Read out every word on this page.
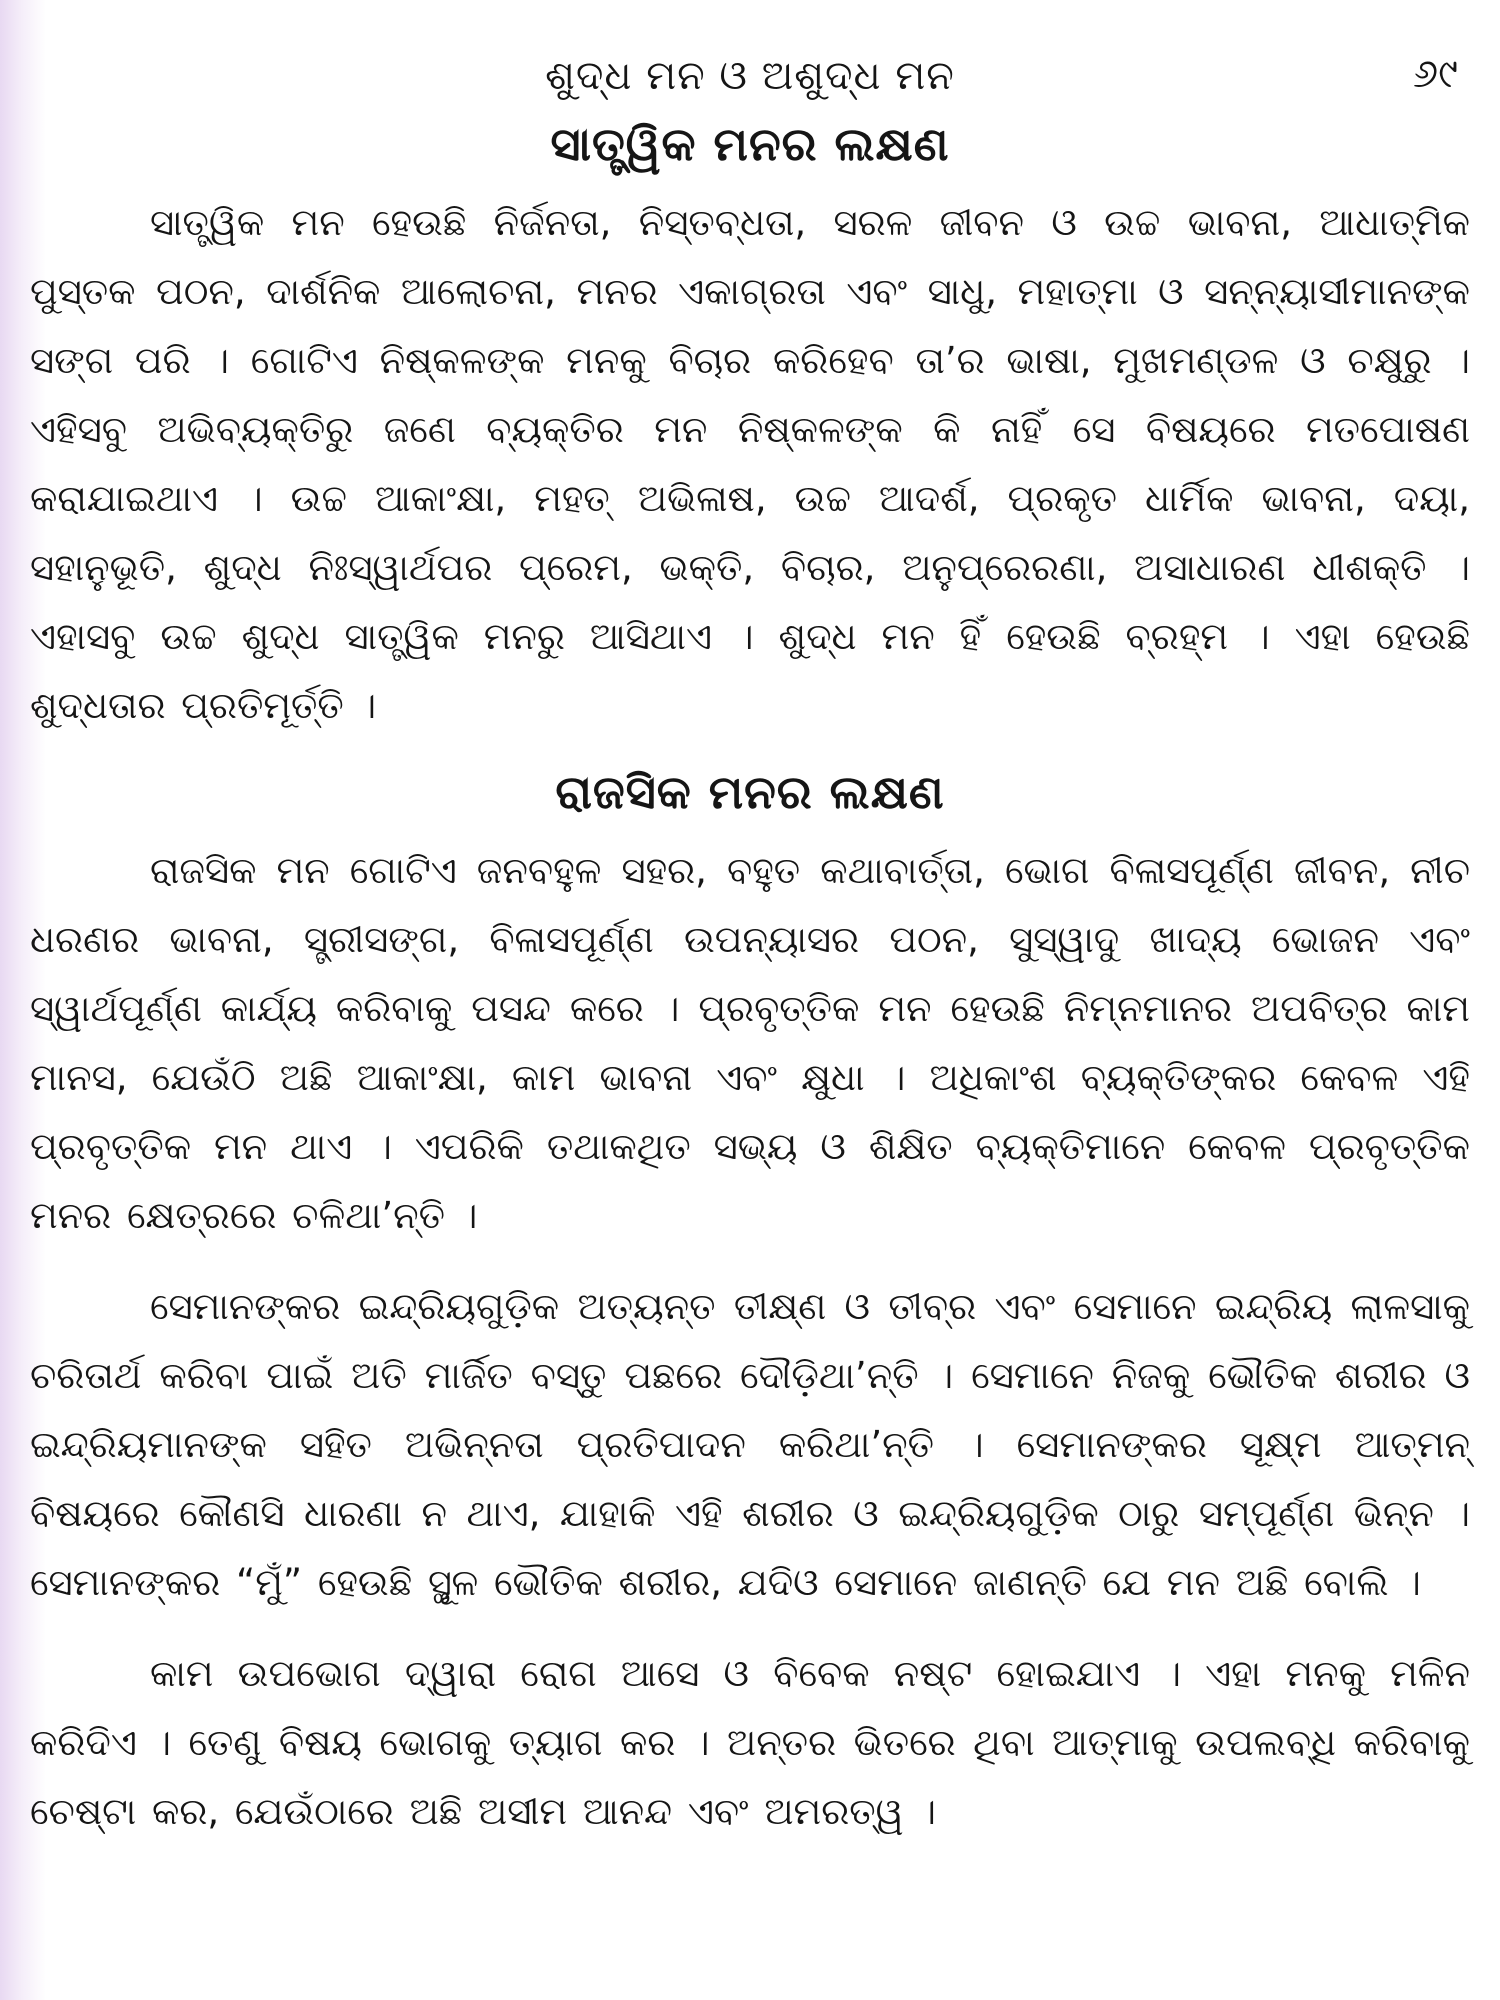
ଶୁଦ୍ଧ ମନ ଓ ଅଶୁଦ୍ଧ ମନ	୬୯
ସାତ୍ତ୍ୱିକ ମନର ଲକ୍ଷଣ

ସାତ୍ତ୍ୱିକ ମନ ହେଉଛି ନିର୍ଜନତା, ନିସ୍ତବ୍ଧତା, ସରଳ ଜୀବନ ଓ ଉଚ୍ଚ ଭାବନା, ଆଧାତ୍ମିକ ପୁସ୍ତକ ପଠନ, ଦାର୍ଶନିକ ଆଲୋଚନା, ମନର ଏକାଗ୍ରତା ଏବଂ ସାଧୁ, ମହାତ୍ମା ଓ ସନ୍ନ୍ୟାସୀମାନଙ୍କ ସଙ୍ଗ ପରି । ଗୋଟିଏ ନିଷ୍କଳଙ୍କ ମନକୁ ବିଚାର କରିହେବ ତା’ର ଭାଷା, ମୁଖମଣ୍ଡଳ ଓ ଚକ୍ଷୁରୁ । ଏହିସବୁ ଅଭିବ୍ୟକ୍ତିରୁ ଜଣେ ବ୍ୟକ୍ତିର ମନ ନିଷ୍କଳଙ୍କ କି ନାହିଁ ସେ ବିଷୟରେ ମତପୋଷଣ କରାଯାଇଥାଏ । ଉଚ୍ଚ ଆକାଂକ୍ଷା, ମହତ୍ ଅଭିଳାଷ, ଉଚ୍ଚ ଆଦର୍ଶ, ପ୍ରକୃତ ଧାର୍ମିକ ଭାବନା, ଦୟା, ସହାନୁଭୂତି, ଶୁଦ୍ଧ ନିଃସ୍ୱାର୍ଥପର ପ୍ରେମ, ଭକ୍ତି, ବିଚାର, ଅନୁପ୍ରେରଣା, ଅସାଧାରଣ ଧୀଶକ୍ତି । ଏହାସବୁ ଉଚ୍ଚ ଶୁଦ୍ଧ ସାତ୍ତ୍ୱିକ ମନରୁ ଆସିଥାଏ । ଶୁଦ୍ଧ ମନ ହିଁ ହେଉଛି ବ୍ରହ୍ମ । ଏହା ହେଉଛି ଶୁଦ୍ଧତାର ପ୍ରତିମୂର୍ତ୍ତି ।

ରାଜସିକ ମନର ଲକ୍ଷଣ

ରାଜସିକ ମନ ଗୋଟିଏ ଜନବହୁଳ ସହର, ବହୁତ କଥାବାର୍ତ୍ତା, ଭୋଗ ବିଳାସପୂର୍ଣ୍ଣ ଜୀବନ, ନୀଚ ଧରଣର ଭାବନା, ସ୍ତ୍ରୀସଙ୍ଗ, ବିଳାସପୂର୍ଣ୍ଣ ଉପନ୍ୟାସର ପଠନ, ସୁସ୍ୱାଦୁ ଖାଦ୍ୟ ଭୋଜନ ଏବଂ ସ୍ୱାର୍ଥପୂର୍ଣ୍ଣ କାର୍ଯ୍ୟ କରିବାକୁ ପସନ୍ଦ କରେ । ପ୍ରବୃତ୍ତିକ ମନ ହେଉଛି ନିମ୍ନମାନର ଅପବିତ୍ର କାମ ମାନସ, ଯେଉଁଠି ଅଛି ଆକାଂକ୍ଷା, କାମ ଭାବନା ଏବଂ କ୍ଷୁଧା । ଅଧିକାଂଶ ବ୍ୟକ୍ତିଙ୍କର କେବଳ ଏହି ପ୍ରବୃତ୍ତିକ ମନ ଥାଏ । ଏପରିକି ତଥାକଥିତ ସଭ୍ୟ ଓ ଶିକ୍ଷିତ ବ୍ୟକ୍ତିମାନେ କେବଳ ପ୍ରବୃତ୍ତିକ ମନର କ୍ଷେତ୍ରରେ ଚଳିଥା’ନ୍ତି ।

ସେମାନଙ୍କର ଇନ୍ଦ୍ରିୟଗୁଡ଼ିକ ଅତ୍ୟନ୍ତ ତୀକ୍ଷ୍ଣ ଓ ତୀବ୍ର ଏବଂ ସେମାନେ ଇନ୍ଦ୍ରିୟ ଲାଳସାକୁ ଚରିତାର୍ଥ କରିବା ପାଇଁ ଅତି ମାର୍ଜିତ ବସ୍ତୁ ପଛରେ ଦୌଡ଼ିଥା’ନ୍ତି । ସେମାନେ ନିଜକୁ ଭୌତିକ ଶରୀର ଓ ଇନ୍ଦ୍ରିୟମାନଙ୍କ ସହିତ ଅଭିନ୍ନତା ପ୍ରତିପାଦନ କରିଥା’ନ୍ତି । ସେମାନଙ୍କର ସୂକ୍ଷ୍ମ ଆତ୍ମନ୍ ବିଷୟରେ କୌଣସି ଧାରଣା ନ ଥାଏ, ଯାହାକି ଏହି ଶରୀର ଓ ଇନ୍ଦ୍ରିୟଗୁଡ଼ିକ ଠାରୁ ସମ୍ପୂର୍ଣ୍ଣ ଭିନ୍ନ । ସେମାନଙ୍କର “ମୁଁ” ହେଉଛି ସ୍ଥୂଳ ଭୌତିକ ଶରୀର, ଯଦିଓ ସେମାନେ ଜାଣନ୍ତି ଯେ ମନ ଅଛି ବୋଲି ।

କାମ ଉପଭୋଗ ଦ୍ୱାରା ରୋଗ ଆସେ ଓ ବିବେକ ନଷ୍ଟ ହୋଇଯାଏ । ଏହା ମନକୁ ମଳିନ କରିଦିଏ । ତେଣୁ ବିଷୟ ଭୋଗକୁ ତ୍ୟାଗ କର । ଅନ୍ତର ଭିତରେ ଥିବା ଆତ୍ମାକୁ ଉପଲବ୍ଧି କରିବାକୁ ଚେଷ୍ଟା କର, ଯେଉଁଠାରେ ଅଛି ଅସୀମ ଆନନ୍ଦ ଏବଂ ଅମରତ୍ୱ ।
